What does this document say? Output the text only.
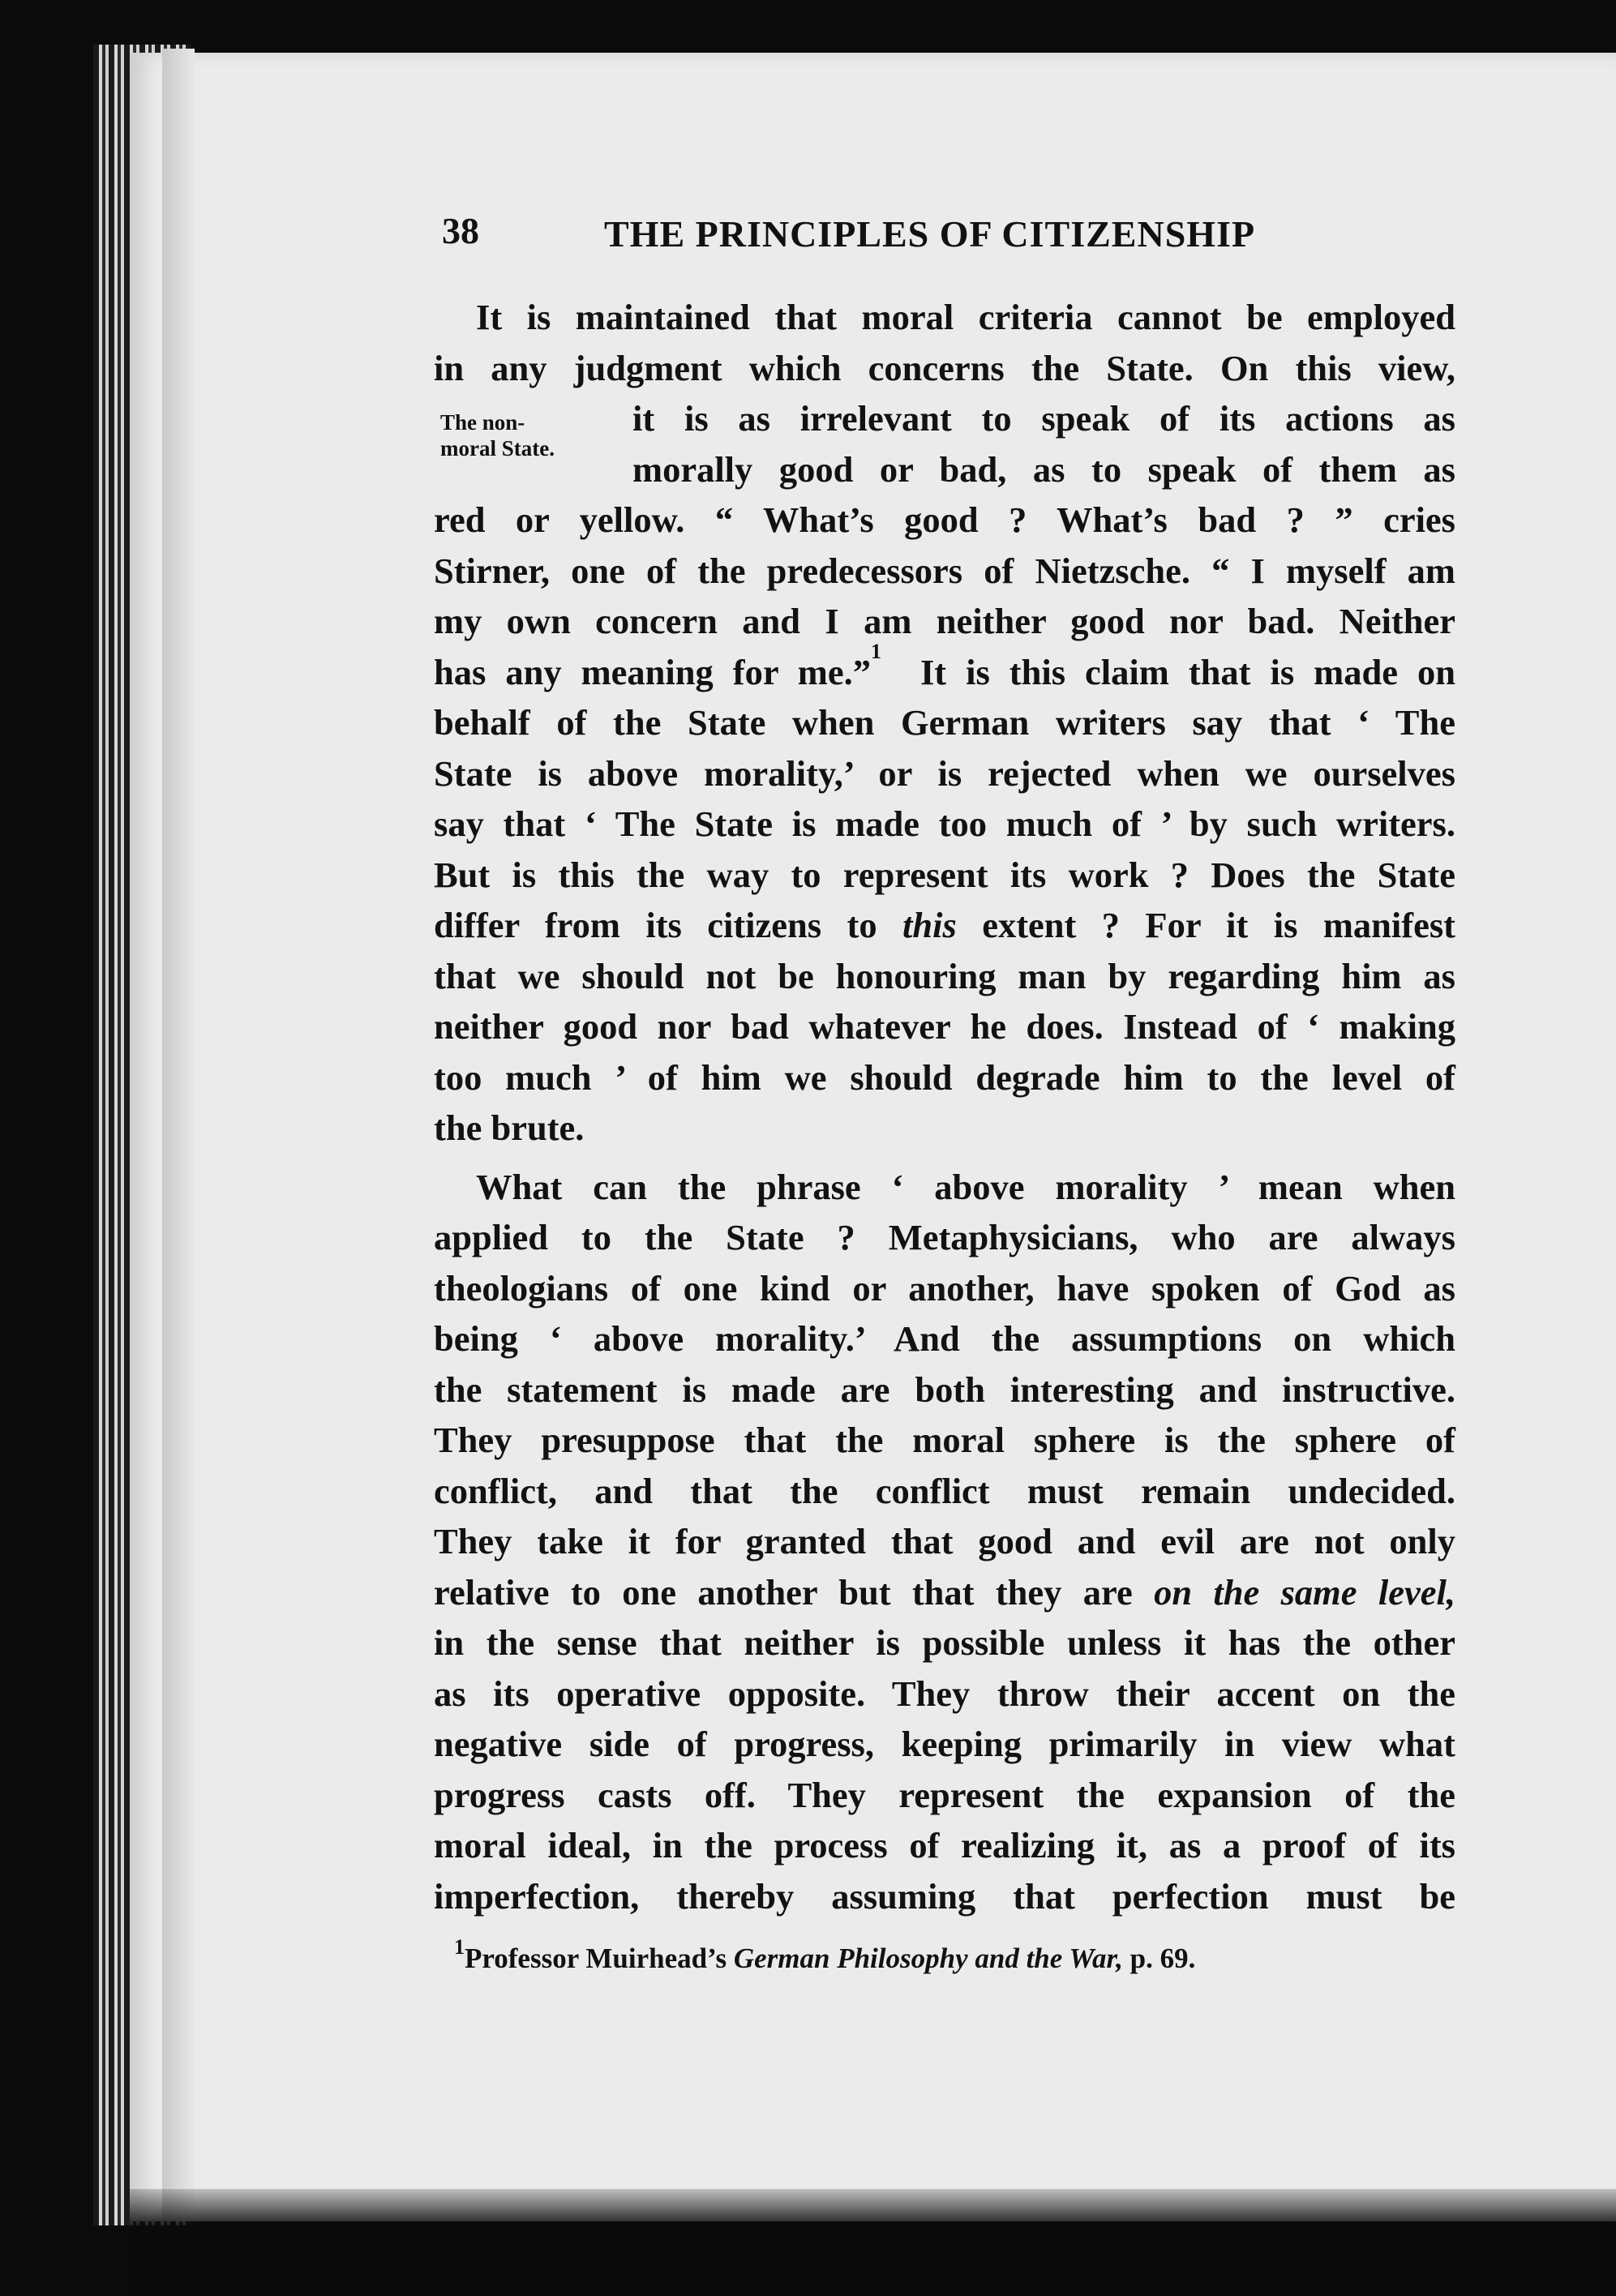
38	THE PRINCIPLES OF CITIZENSHIP
The non-
moral State.

It is maintained that moral criteria cannot be employed
in any judgment which concerns the State. On this view,
it is as irrelevant to speak of its actions as
morally good or bad, as to speak of them as
red or yellow. “ What’s good ? What’s bad ? ” cries
Stirner, one of the predecessors of Nietzsche. “ I myself am
my own concern and I am neither good nor bad. Neither
has any meaning for me.”$^1$  It is this claim that is made on
behalf of the State when German writers say that ‘ The
State is above morality,’ or is rejected when we ourselves
say that ‘ The State is made too much of ’ by such writers.
But is this the way to represent its work ? Does the State
differ from its citizens to this extent ? For it is manifest
that we should not be honouring man by regarding him as
neither good nor bad whatever he does. Instead of ‘ making
too much ’ of him we should degrade him to the level of
the brute.

What can the phrase ‘ above morality ’ mean when
applied to the State ? Metaphysicians, who are always
theologians of one kind or another, have spoken of God as
being ‘ above morality.’ And the assumptions on which
the statement is made are both interesting and instructive.
They presuppose that the moral sphere is the sphere of
conflict, and that the conflict must remain undecided.
They take it for granted that good and evil are not only
relative to one another but that they are on the same level,
in the sense that neither is possible unless it has the other
as its operative opposite. They throw their accent on the
negative side of progress, keeping primarily in view what
progress casts off. They represent the expansion of the
moral ideal, in the process of realizing it, as a proof of its
imperfection, thereby assuming that perfection must be

$^1$Professor Muirhead’s German Philosophy and the War, p. 69.
